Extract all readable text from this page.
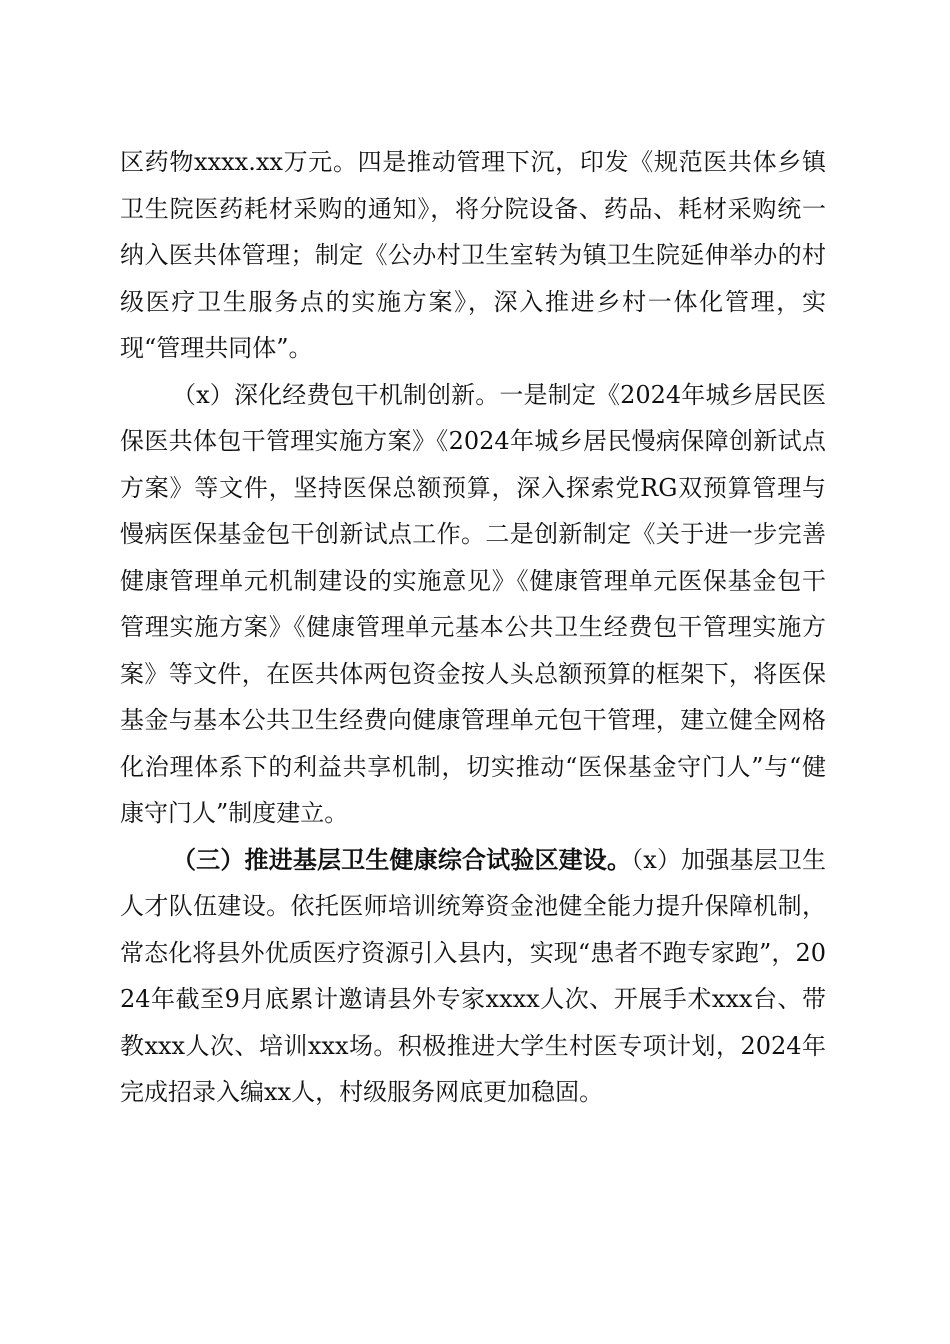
区药物xxxx.xx万元。四是推动管理下沉，印发《规范医共体乡镇卫生院医药耗材采购的通知》，将分院设备、药品、耗材采购统一纳入医共体管理；制定《公办村卫生室转为镇卫生院延伸举办的村级医疗卫生服务点的实施方案》，深入推进乡村一体化管理，实现“管理共同体”。

（x）深化经费包干机制创新。一是制定《2024年城乡居民医保医共体包干管理实施方案》《2024年城乡居民慢病保障创新试点方案》等文件，坚持医保总额预算，深入探索党RG双预算管理与慢病医保基金包干创新试点工作。二是创新制定《关于进一步完善健康管理单元机制建设的实施意见》《健康管理单元医保基金包干管理实施方案》《健康管理单元基本公共卫生经费包干管理实施方案》等文件，在医共体两包资金按人头总额预算的框架下，将医保基金与基本公共卫生经费向健康管理单元包干管理，建立健全网格化治理体系下的利益共享机制，切实推动“医保基金守门人”与“健康守门人”制度建立。

（三）推进基层卫生健康综合试验区建设。（x）加强基层卫生人才队伍建设。依托医师培训统筹资金池健全能力提升保障机制，常态化将县外优质医疗资源引入县内，实现“患者不跑专家跑”，2024年截至9月底累计邀请县外专家xxxx人次、开展手术xxx台、带教xxx人次、培训xxx场。积极推进大学生村医专项计划，2024年完成招录入编xx人，村级服务网底更加稳固。
